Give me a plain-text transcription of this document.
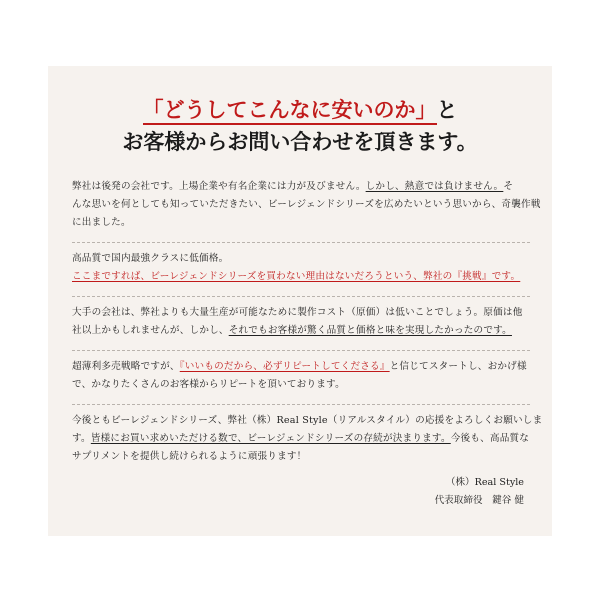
「どうしてこんなに安いのか」と
お客様からお問い合わせを頂きます。
弊社は後発の会社です。上場企業や有名企業には力が及びません。しかし、熱意では負けません。そ
んな思いを何としても知っていただきたい、ビーレジェンドシリーズを広めたいという思いから、奇襲作戦
に出ました。
高品質で国内最強クラスに低価格。
ここまですれば、ビーレジェンドシリーズを買わない理由はないだろうという、弊社の『挑戦』です。
大手の会社は、弊社よりも大量生産が可能なために製作コスト（原価）は低いことでしょう。原価は他
社以上かもしれませんが、しかし、それでもお客様が驚く品質と価格と味を実現したかったのです。
超薄利多売戦略ですが、『いいものだから、必ずリピートしてくださる』と信じてスタートし、おかげ様
で、かなりたくさんのお客様からリピートを頂いております。
今後ともビーレジェンドシリーズ、弊社（株）Real Style（リアルスタイル）の応援をよろしくお願いしま
す。皆様にお買い求めいただける数で、ビーレジェンドシリーズの存続が決まります。今後も、高品質な
サプリメントを提供し続けられるように頑張ります！
（株）Real Style
代表取締役　鍵谷 健
